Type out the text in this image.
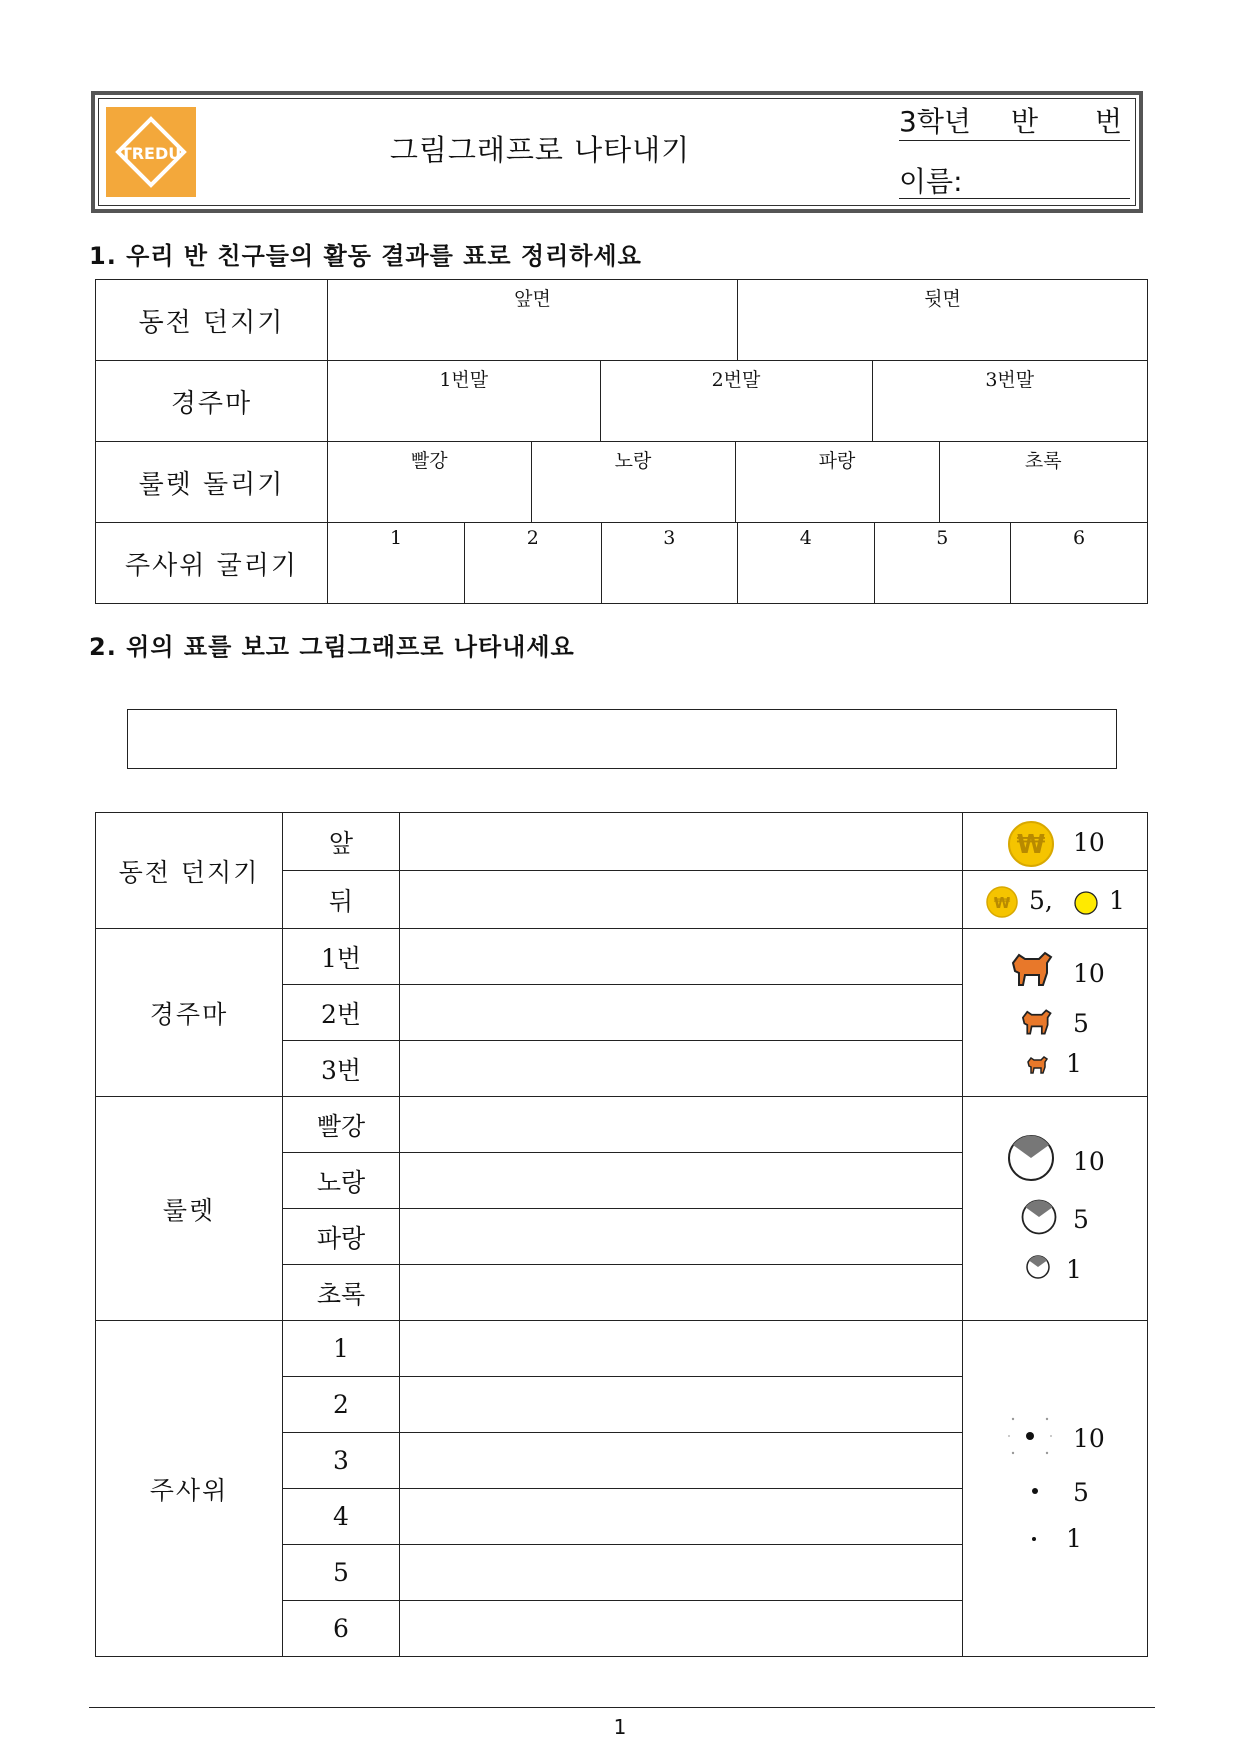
TREDU	그림그래프로 나타내기
3학년 반 번
이름:
1. 우리 반 친구들의 활동 결과를 표로 정리하세요
동전 던지기	
앞면	뒷면

경주마	
1번말	2번말	3번말

룰렛 돌리기	
빨강	노랑	파랑	초록

주사위 굴리기	
1	2	3	4	5	6
2. 위의 표를 보고 그림그래프로 나타내세요
동전 던지기	앞		₩ 10

	뒤		₩ 5, 1

경주마	1번		10
5
1

	2번		
	3번		
룰렛	빨강		10
5
1

	노랑		
	파랑		
	초록		
주사위	1		10
5
1

	2		
	3		
	4		
	5		
	6		
1
